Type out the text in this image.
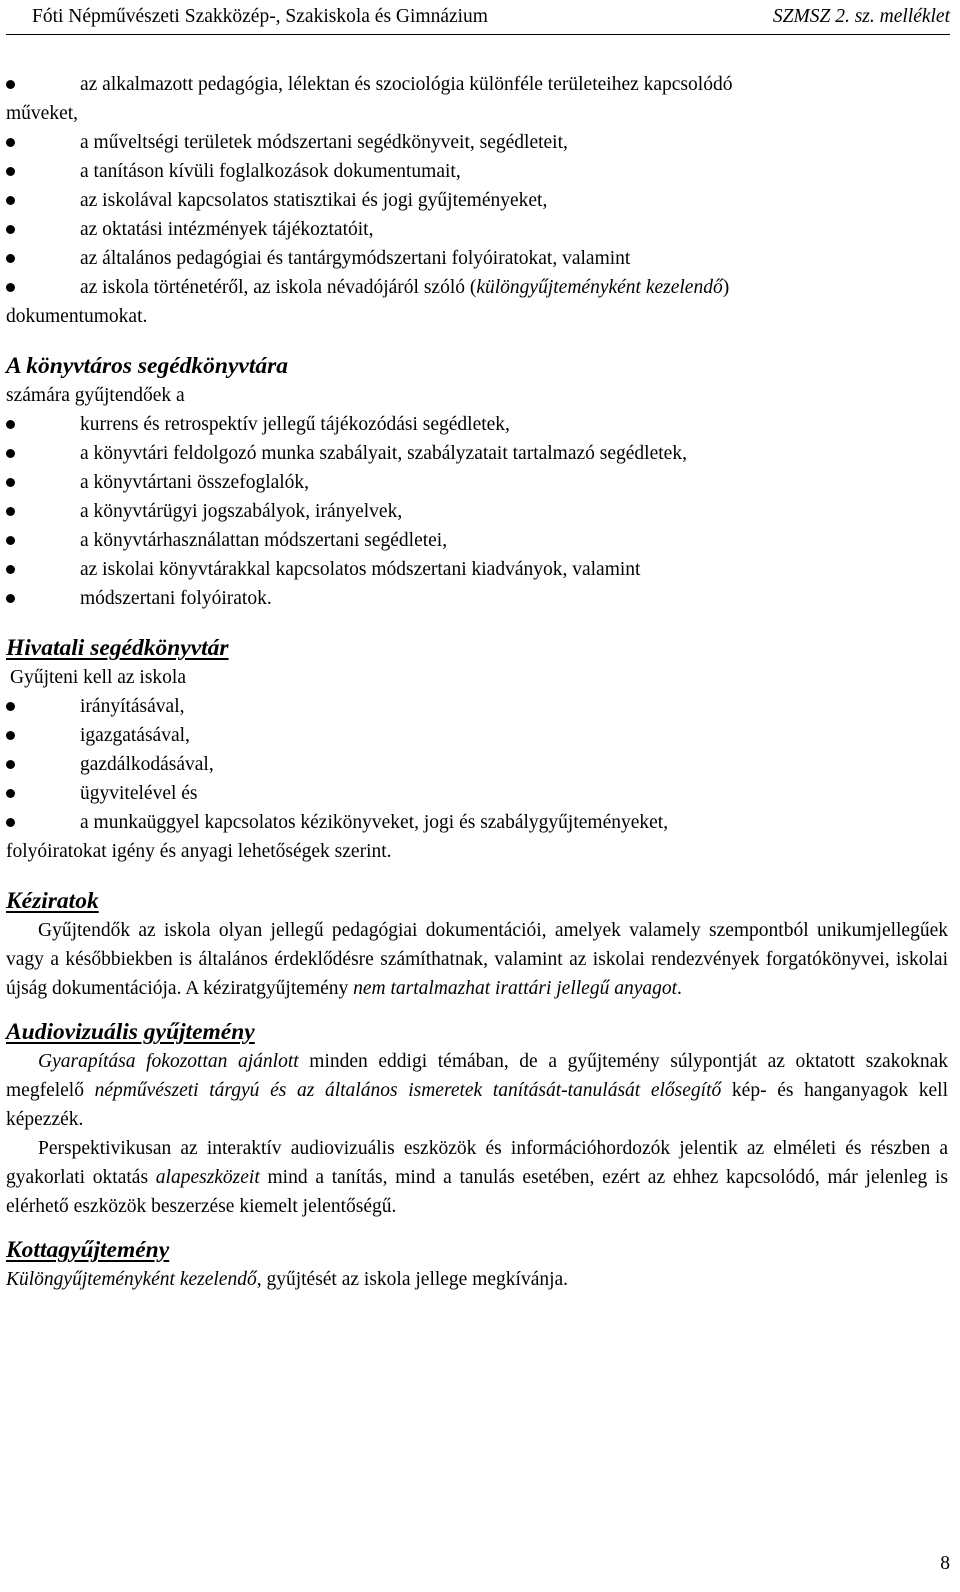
Fóti Népművészeti Szakközép-, Szakiskola és Gimnázium	SZMSZ 2. sz. melléklet
az alkalmazott pedagógia, lélektan és szociológia különféle területeihez kapcsolódó

műveket,

a műveltségi területek módszertani segédkönyveit, segédleteit,
a tanításon kívüli foglalkozások dokumentumait,
az iskolával kapcsolatos statisztikai és jogi gyűjteményeket,
az oktatási intézmények tájékoztatóit,
az általános pedagógiai és tantárgymódszertani folyóiratokat, valamint
az iskola történetéről, az iskola névadójáról szóló (különgyűjteményként kezelendő)

dokumentumokat.

A könyvtáros segédkönyvtára

számára gyűjtendőek a

kurrens és retrospektív jellegű tájékozódási segédletek,
a könyvtári feldolgozó munka szabályait, szabályzatait tartalmazó segédletek,
a könyvtártani összefoglalók,
a könyvtárügyi jogszabályok, irányelvek,
a könyvtárhasználattan módszertani segédletei,
az iskolai könyvtárakkal kapcsolatos módszertani kiadványok, valamint
módszertani folyóiratok.
Hivatali segédkönyvtár

Gyűjteni kell az iskola

irányításával,
igazgatásával,
gazdálkodásával,
ügyvitelével és
a munkaüggyel kapcsolatos kézikönyveket, jogi és szabálygyűjteményeket,

folyóiratokat igény és anyagi lehetőségek szerint.

Kéziratok

Gyűjtendők az iskola olyan jellegű pedagógiai dokumentációi, amelyek valamely szempontból unikumjellegűek vagy a későbbiekben is általános érdeklődésre számíthatnak, valamint az iskolai rendezvények forgatókönyvei, iskolai újság dokumentációja. A kéziratgyűjtemény nem tartalmazhat irattári jellegű anyagot.

Audiovizuális gyűjtemény

Gyarapítása fokozottan ajánlott minden eddigi témában, de a gyűjtemény súlypontját az oktatott szakoknak megfelelő népművészeti tárgyú és az általános ismeretek tanítását-tanulását elősegítő kép- és hanganyagok kell képezzék.

Perspektivikusan az interaktív audiovizuális eszközök és információhordozók jelentik az elméleti és részben a gyakorlati oktatás alapeszközeit mind a tanítás, mind a tanulás esetében, ezért az ehhez kapcsolódó, már jelenleg is elérhető eszközök beszerzése kiemelt jelentőségű.

Kottagyűjtemény

Különgyűjteményként kezelendő, gyűjtését az iskola jellege megkívánja.

8
